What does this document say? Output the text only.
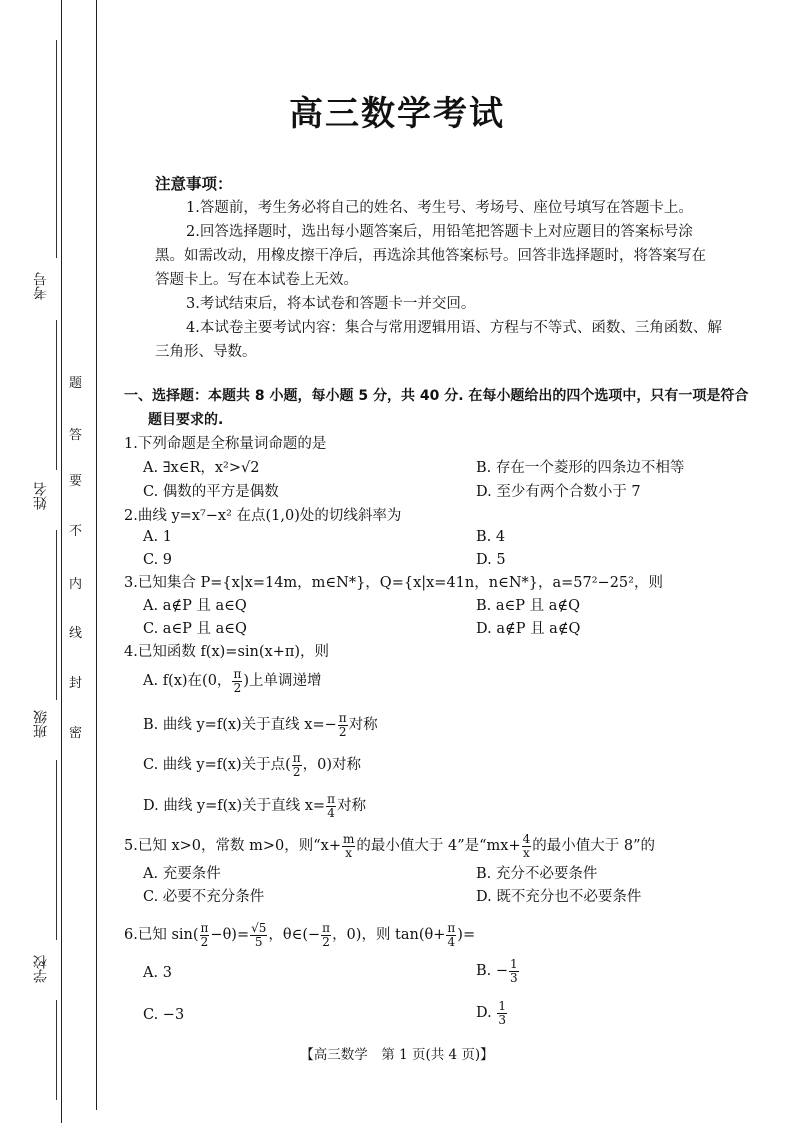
考号
姓名
班级
学校
题
答
要
不
内
线
封
密
高三数学考试
注意事项：
1.答题前，考生务必将自己的姓名、考生号、考场号、座位号填写在答题卡上。
2.回答选择题时，选出每小题答案后，用铅笔把答题卡上对应题目的答案标号涂
黑。如需改动，用橡皮擦干净后，再选涂其他答案标号。回答非选择题时，将答案写在
答题卡上。写在本试卷上无效。
3.考试结束后，将本试卷和答题卡一并交回。
4.本试卷主要考试内容：集合与常用逻辑用语、方程与不等式、函数、三角函数、解
三角形、导数。
一、选择题：本题共 8 小题，每小题 5 分，共 40 分. 在每小题给出的四个选项中，只有一项是符合
题目要求的.
1.下列命题是全称量词命题的是
A. ∃x∈R，x²>√2	B. 存在一个菱形的四条边不相等
C. 偶数的平方是偶数	D. 至少有两个合数小于 7
2.曲线 y=x⁷−x² 在点(1,0)处的切线斜率为
A. 1	B. 4
C. 9	D. 5
3.已知集合 P={x|x=14m，m∈N*}，Q={x|x=41n，n∈N*}，a=57²−25²，则
A. a∉P 且 a∈Q	B. a∈P 且 a∉Q
C. a∈P 且 a∈Q	D. a∉P 且 a∉Q
4.已知函数 f(x)=sin(x+π)，则
A. f(x)在(0， $\frac{\pi}{2}$ )上单调递增
B. 曲线 y=f(x)关于直线 $x=- \frac{\pi}{2}$ 对称
C. 曲线 y=f(x)关于点( $\frac{\pi}{2}$ ，0)对称
D. 曲线 y=f(x)关于直线 $x= \frac{\pi}{4}$ 对称
5.已知 x>0，常数 m>0，则“$x+ \frac{m}{x}$ 的最小值大于 4”是“$mx+ \frac{4}{x}$ 的最小值大于 8”的
A. 充要条件	B. 充分不必要条件
C. 必要不充分条件	D. 既不充分也不必要条件
6.已知 $\sin( \frac{\pi}{2} -\theta)= \frac{√5}{5}$ ，θ∈(− $\frac{\pi}{2}$ ，0)，则 $\tan(\theta+ \frac{\pi}{4}$ )=
A. 3	B. − $\frac{1}{3}$
C. −3	D. $\frac{1}{3}$
【高三数学　第 1 页(共 4 页)】
